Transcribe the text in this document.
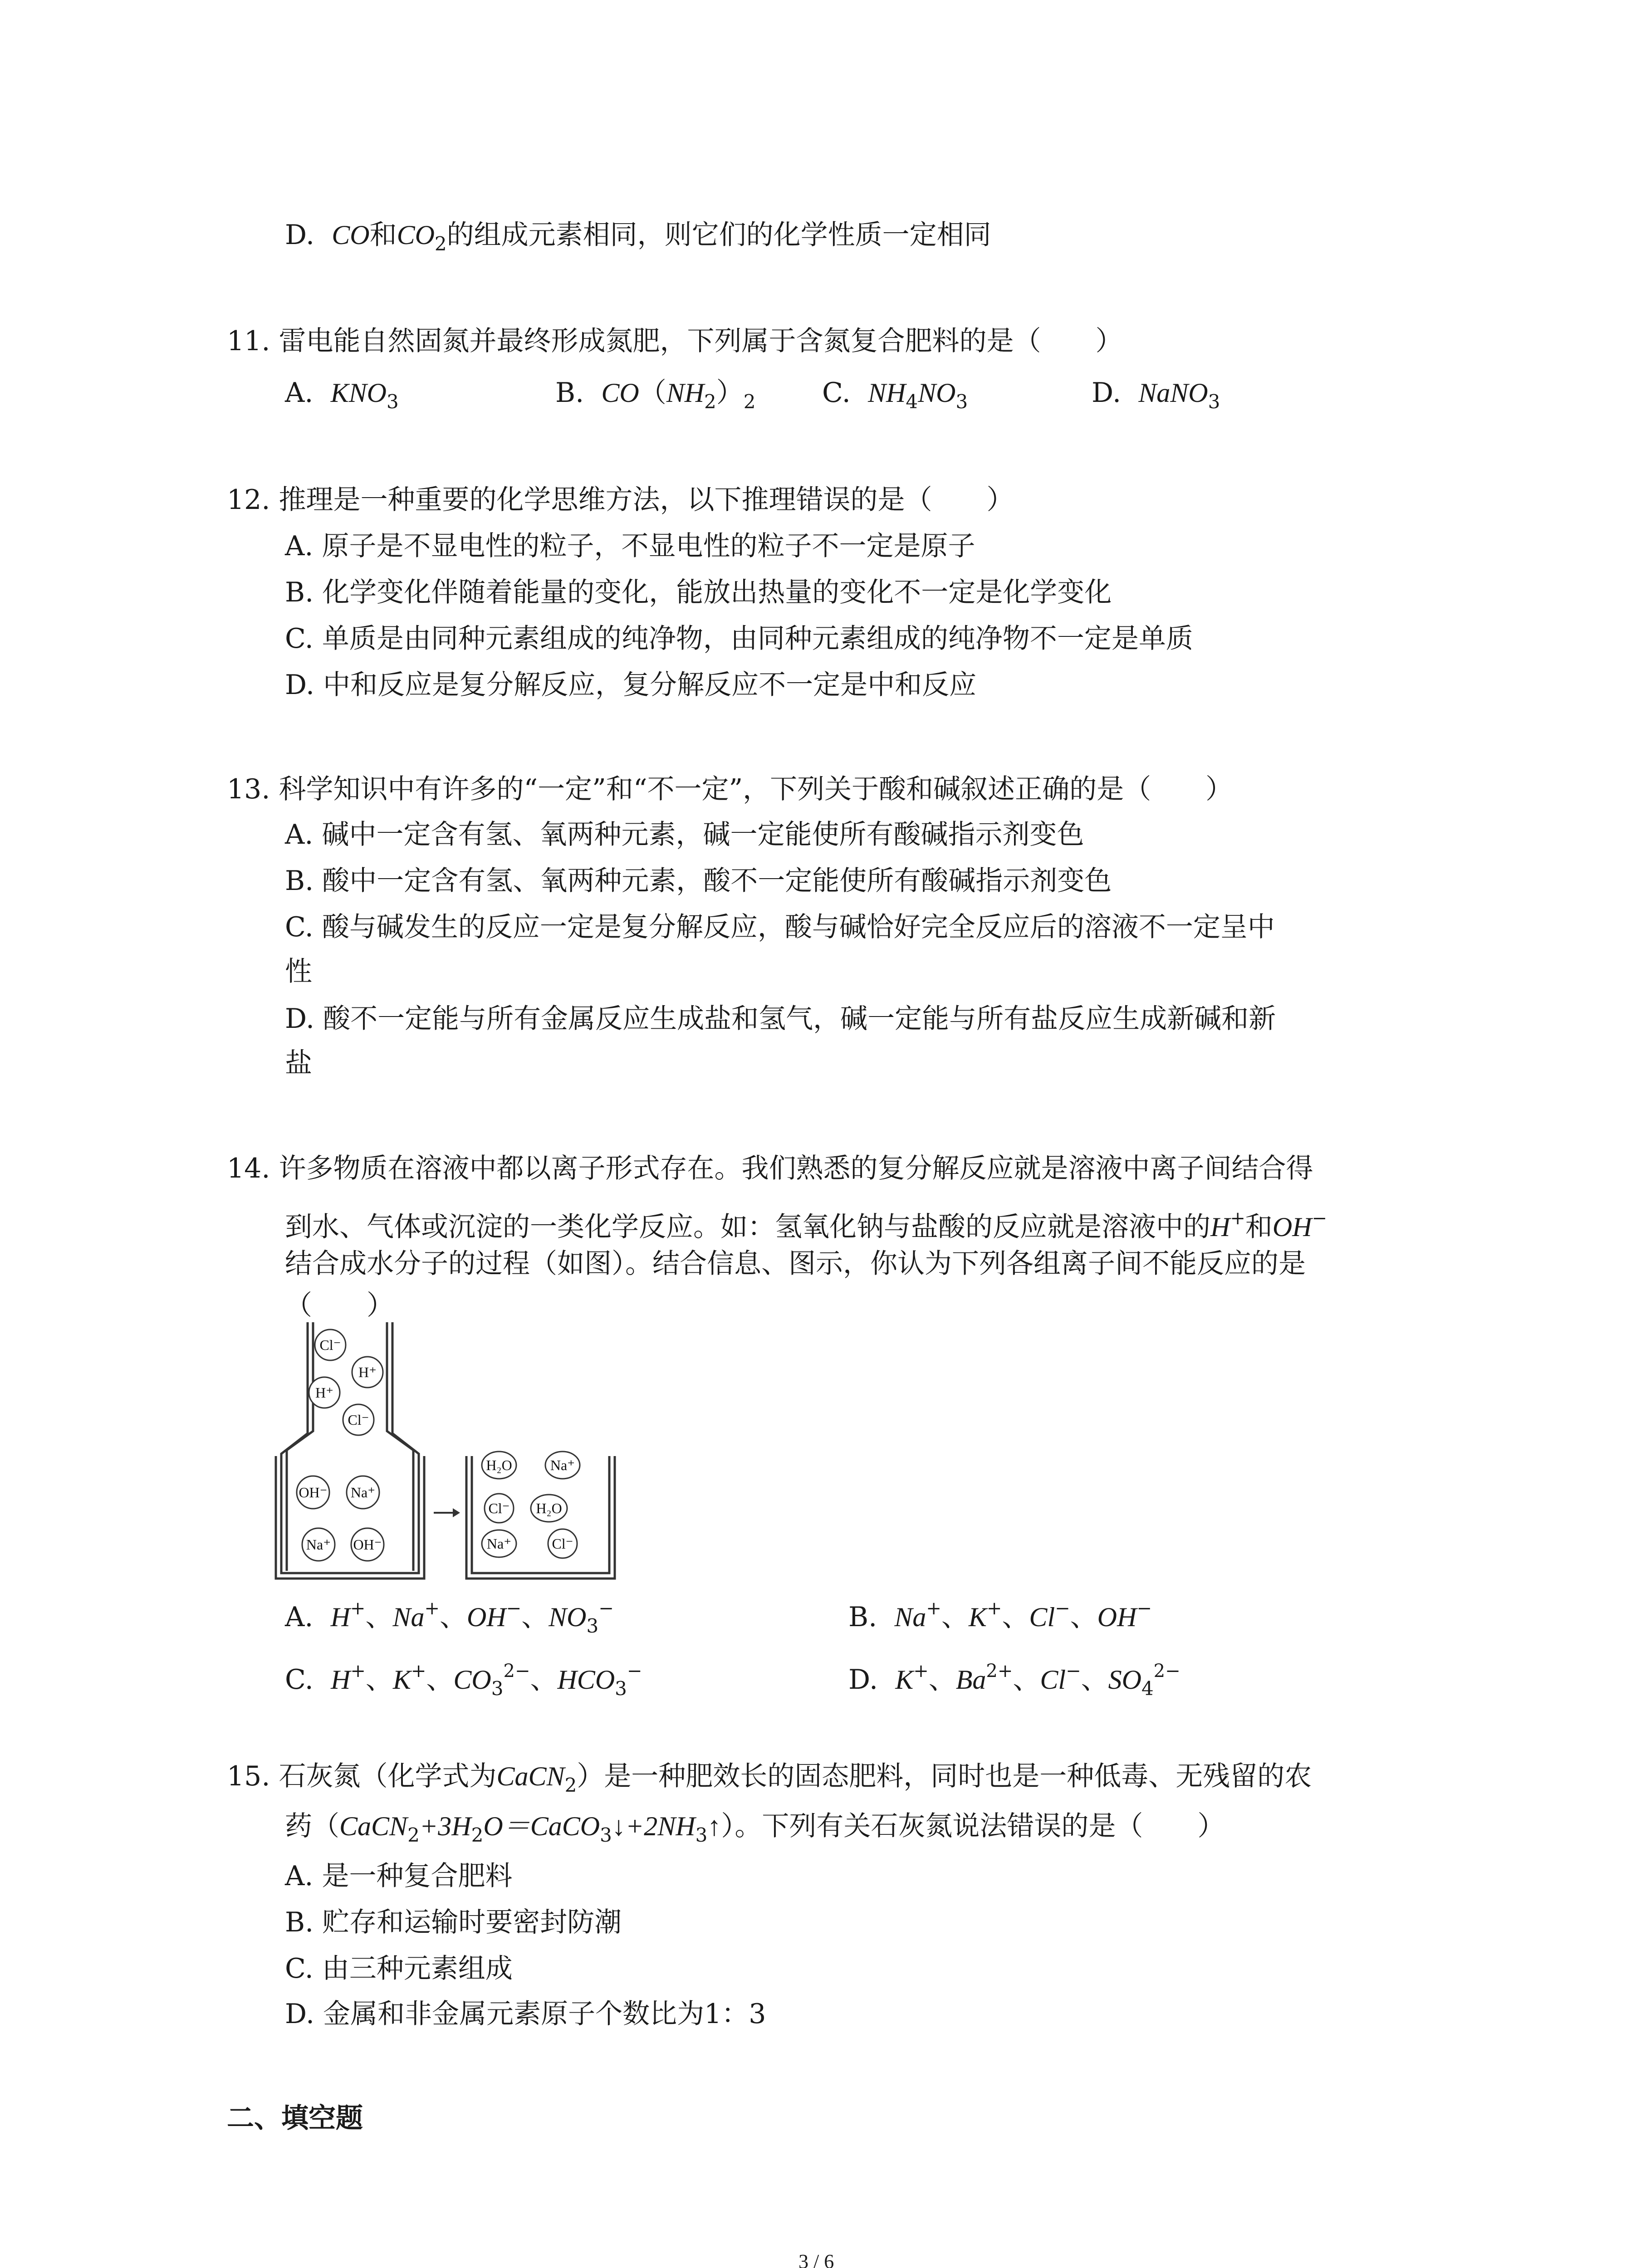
D. CO和$CO_2$的组成元素相同，则它们的化学性质一定相同
11. 雷电能自然固氮并最终形成氮肥，下列属于含氮复合肥料的是（　　）
A. $KNO_3$	B. $CO(NH_2)_2$ C. $NH_4NO_3$	D. NaNO$_3$
12. 推理是一种重要的化学思维方法，以下推理错误的是（　　）
A. 原子是不显电性的粒子，不显电性的粒子不一定是原子
B. 化学变化伴随着能量的变化，能放出热量的变化不一定是化学变化
C. 单质是由同种元素组成的纯净物，由同种元素组成的纯净物不一定是单质
D. 中和反应是复分解反应，复分解反应不一定是中和反应
13. 科学知识中有许多的“一定”和“不一定”，下列关于酸和碱叙述正确的是（　　）
A. 碱中一定含有氢、氧两种元素，碱一定能使所有酸碱指示剂变色
B. 酸中一定含有氢、氧两种元素，酸不一定能使所有酸碱指示剂变色
C. 酸与碱发生的反应一定是复分解反应，酸与碱恰好完全反应后的溶液不一定呈中
性
D. 酸不一定能与所有金属反应生成盐和氢气，碱一定能与所有盐反应生成新碱和新
盐
14. 许多物质在溶液中都以离子形式存在。我们熟悉的复分解反应就是溶液中离子间结合得
到水、气体或沉淀的一类化学反应。如：氢氧化钠与盐酸的反应就是溶液中的H+和OH−
结合成水分子的过程（如图）。结合信息、图示，你认为下列各组离子间不能反应的是
（　　）
Cl⁻
H⁺
H⁺
Cl⁻
OH⁻ Na⁺
Na⁺ OH⁻
H₂O	Na⁺
Cl⁻ H₂O
Na⁺	Cl⁻
A. H+、Na+、OH−、$NO_3^-$	B. Na+、K+、Cl−、OH−
C. H+、K+、$CO_3^{2-}$、$HCO_3^-$	D. K+、$Ba^{2+}$、Cl−、$SO_4^{2-}$
15. 石灰氮（化学式为CaCN$_2$）是一种肥效长的固态肥料，同时也是一种低毒、无残留的农
药$(CaCN_2+3H_2O=CaCO_3↓+2NH_3↑)$。下列有关石灰氮说法错误的是（　　）
A. 是一种复合肥料
B. 贮存和运输时要密封防潮
C. 由三种元素组成
D. 金属和非金属元素原子个数比为1：3
二、填空题
3 / 6
